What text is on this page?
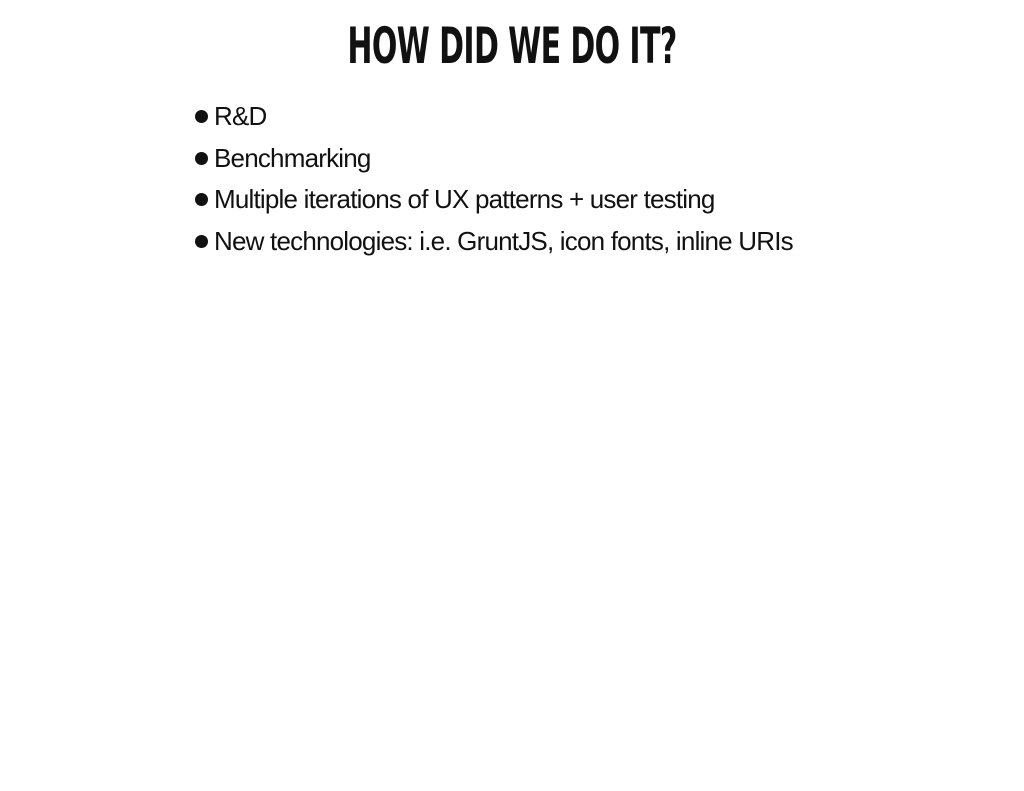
HOW DID WE DO IT?
R&D
Benchmarking
Multiple iterations of UX patterns + user testing
New technologies: i.e. GruntJS, icon fonts, inline URIs
